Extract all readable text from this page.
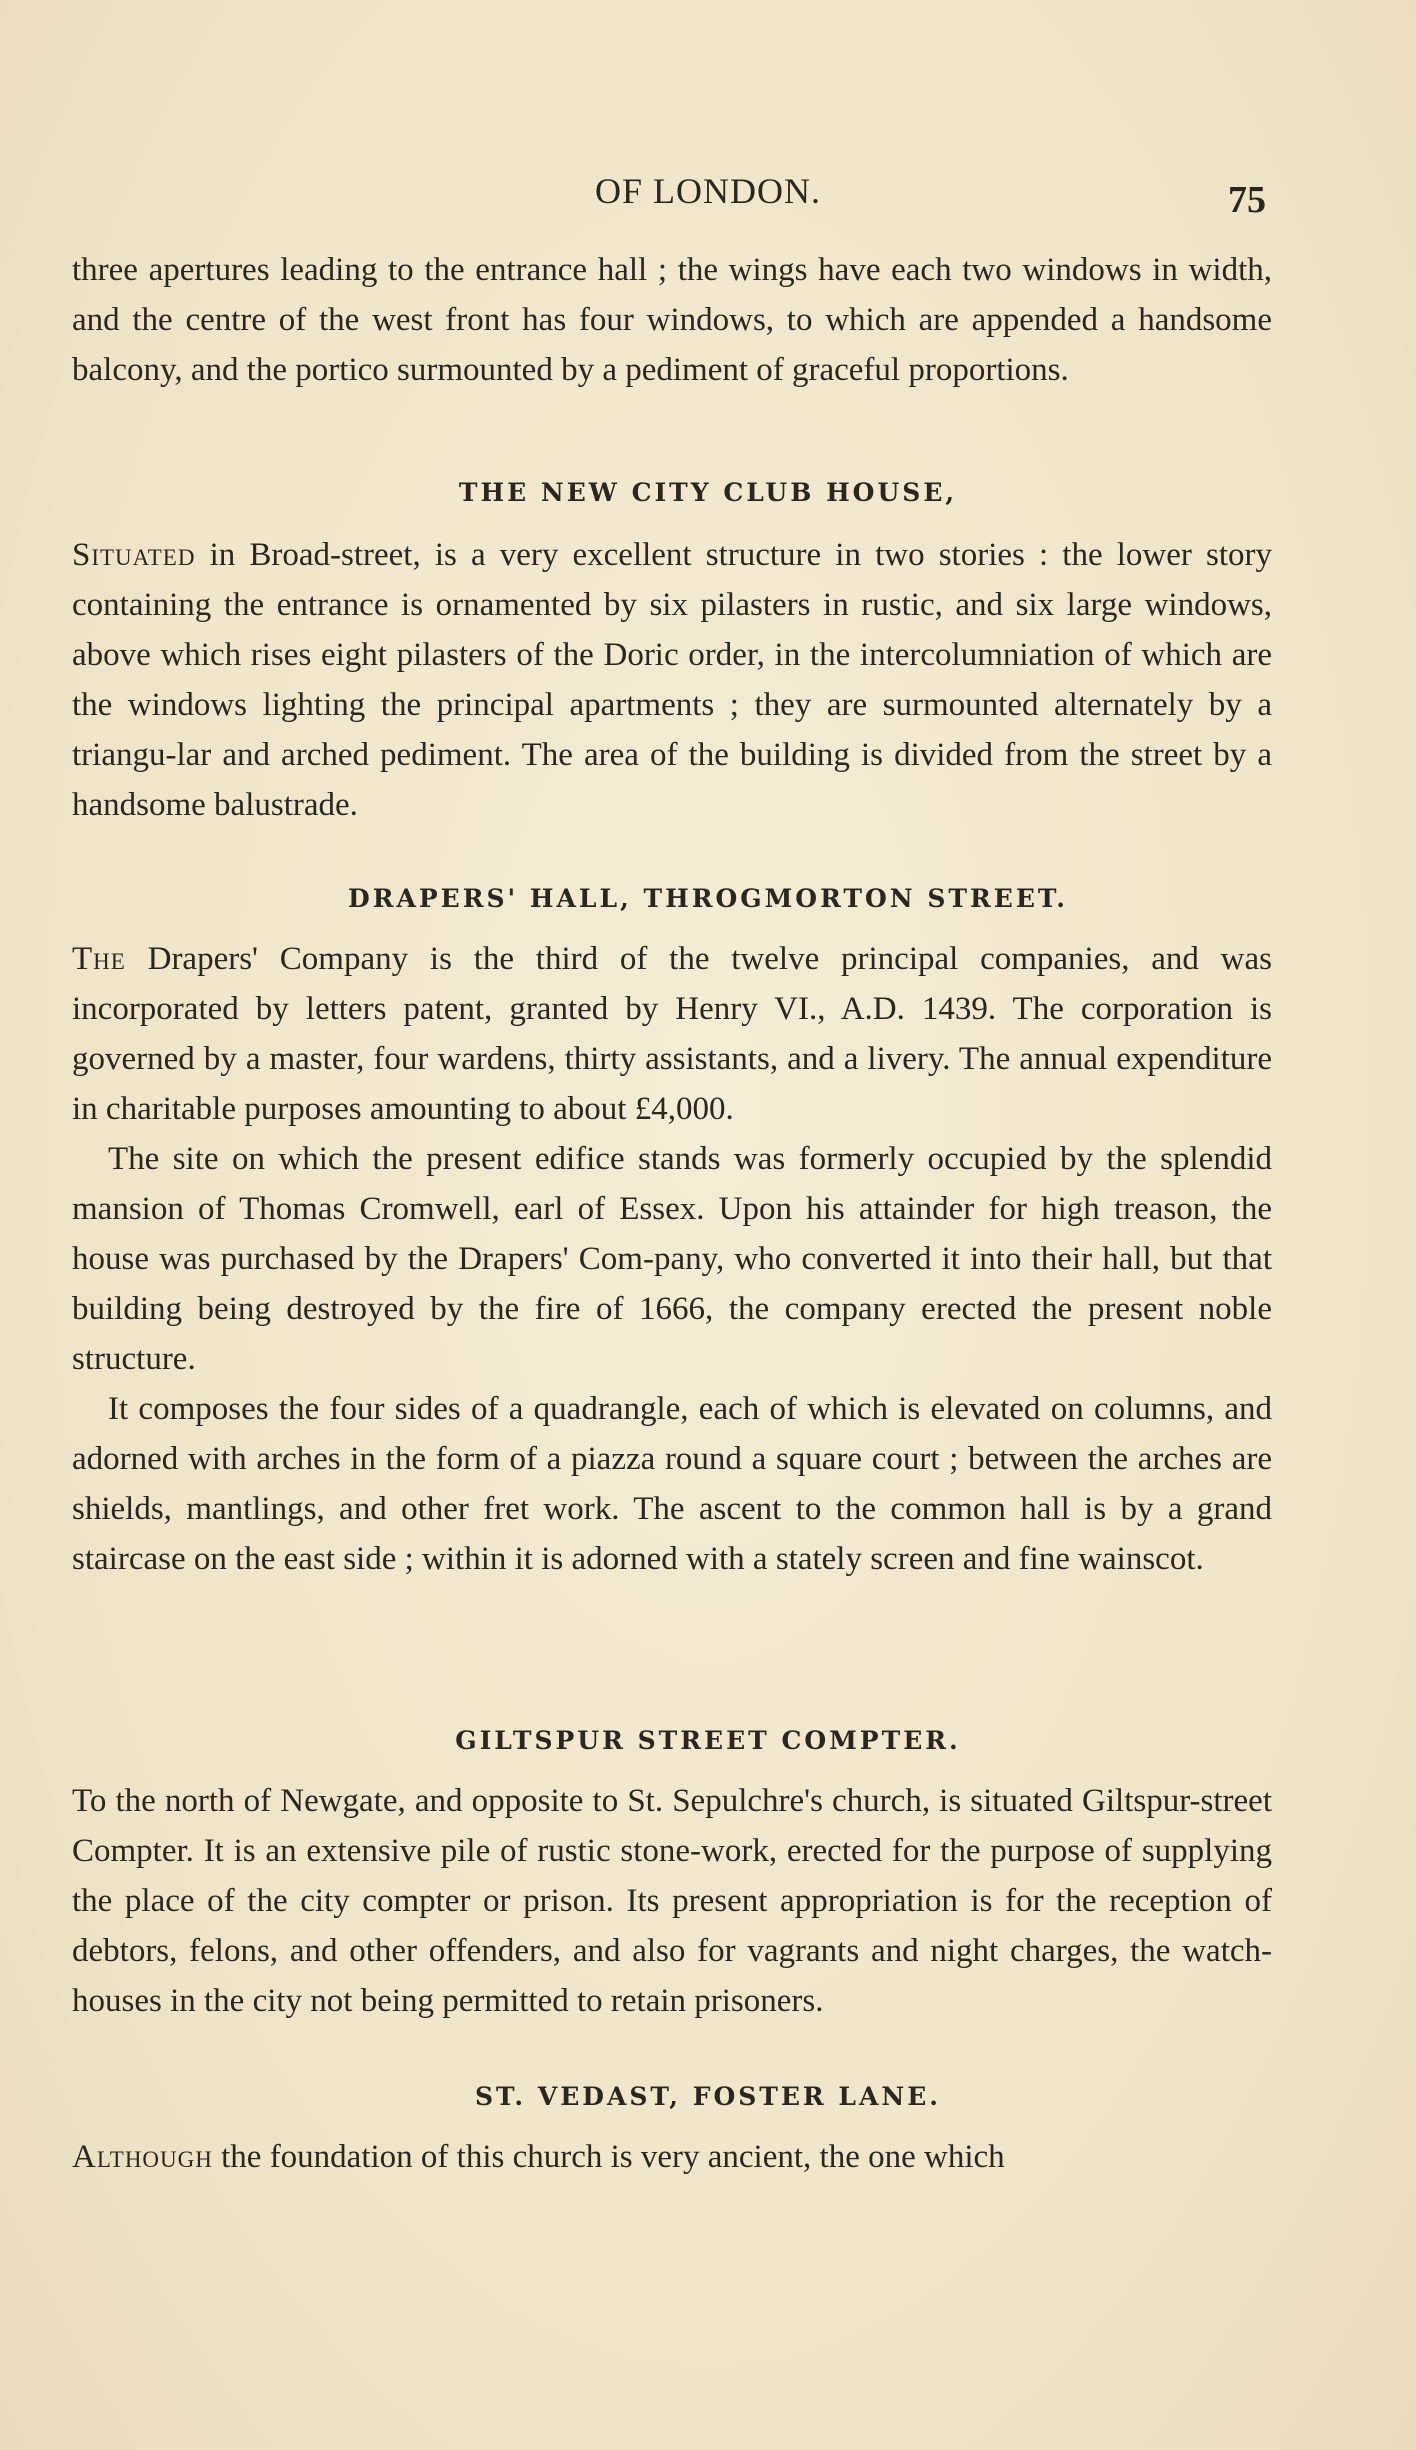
OF LONDON.	75

three apertures leading to the entrance hall ; the wings have each two windows in width, and the centre of the west front has four windows, to which are appended a handsome balcony, and the portico surmounted by a pediment of graceful proportions.

THE NEW CITY CLUB HOUSE,

Situated in Broad-street, is a very excellent structure in two stories : the lower story containing the entrance is ornamented by six pilasters in rustic, and six large windows, above which rises eight pilasters of the Doric order, in the intercolumniation of which are the windows lighting the principal apartments ; they are surmounted alternately by a triangu-lar and arched pediment. The area of the building is divided from the street by a handsome balustrade.

DRAPERS' HALL, THROGMORTON STREET.

The Drapers' Company is the third of the twelve principal companies, and was incorporated by letters patent, granted by Henry VI., A.D. 1439. The corporation is governed by a master, four wardens, thirty assistants, and a livery. The annual expenditure in charitable purposes amounting to about £4,000.

The site on which the present edifice stands was formerly occupied by the splendid mansion of Thomas Cromwell, earl of Essex. Upon his attainder for high treason, the house was purchased by the Drapers' Com-pany, who converted it into their hall, but that building being destroyed by the fire of 1666, the company erected the present noble structure.

It composes the four sides of a quadrangle, each of which is elevated on columns, and adorned with arches in the form of a piazza round a square court ; between the arches are shields, mantlings, and other fret work. The ascent to the common hall is by a grand staircase on the east side ; within it is adorned with a stately screen and fine wainscot.

GILTSPUR STREET COMPTER.

To the north of Newgate, and opposite to St. Sepulchre's church, is situated Giltspur-street Compter. It is an extensive pile of rustic stone-work, erected for the purpose of supplying the place of the city compter or prison. Its present appropriation is for the reception of debtors, felons, and other offenders, and also for vagrants and night charges, the watch-houses in the city not being permitted to retain prisoners.

ST. VEDAST, FOSTER LANE.

Although the foundation of this church is very ancient, the one which
